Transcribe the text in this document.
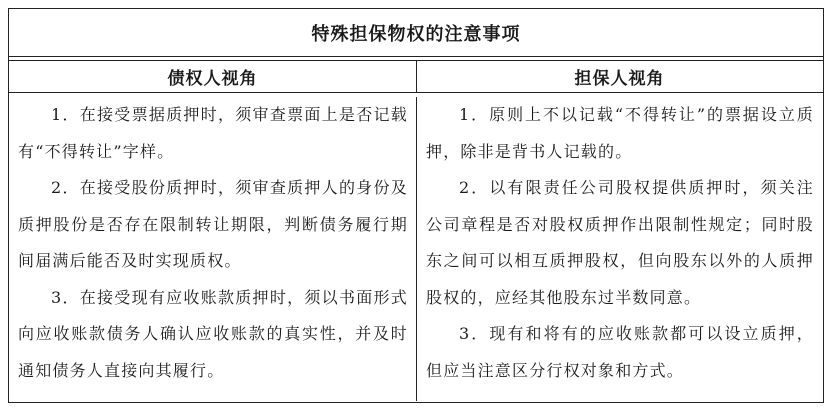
特殊担保物权的注意事项
债权人视角	担保人视角

1．在接受票据质押时，须审查票面上是否记载有“不得转让”字样。

2．在接受股份质押时，须审查质押人的身份及质押股份是否存在限制转让期限，判断债务履行期间届满后能否及时实现质权。

3．在接受现有应收账款质押时，须以书面形式向应收账款债务人确认应收账款的真实性，并及时通知债务人直接向其履行。

1．原则上不以记载“不得转让”的票据设立质押，除非是背书人记载的。

2．以有限责任公司股权提供质押时，须关注公司章程是否对股权质押作出限制性规定；同时股东之间可以相互质押股权，但向股东以外的人质押股权的，应经其他股东过半数同意。

3．现有和将有的应收账款都可以设立质押，但应当注意区分行权对象和方式。
